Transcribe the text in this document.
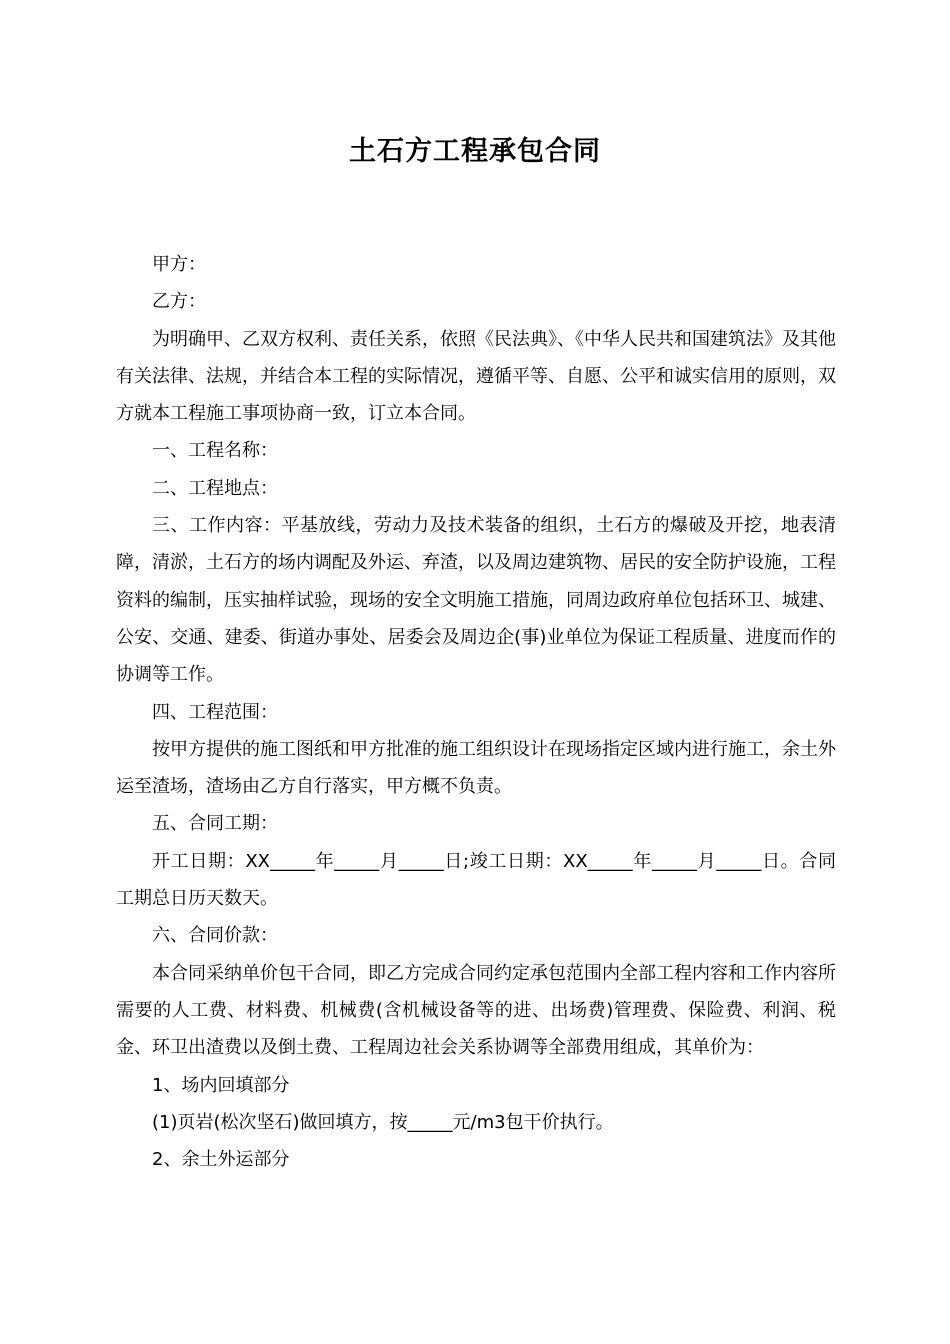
土石方工程承包合同

甲方：

乙方：

为明确甲、乙双方权利、责任关系，依照《民法典》、《中华人民共和国建筑法》及其他有关法律、法规，并结合本工程的实际情况，遵循平等、自愿、公平和诚实信用的原则，双方就本工程施工事项协商一致，订立本合同。

一、工程名称：

二、工程地点：

三、工作内容：平基放线，劳动力及技术装备的组织，土石方的爆破及开挖，地表清障，清淤，土石方的场内调配及外运、弃渣，以及周边建筑物、居民的安全防护设施，工程资料的编制，压实抽样试验，现场的安全文明施工措施，同周边政府单位包括环卫、城建、公安、交通、建委、街道办事处、居委会及周边企(事)业单位为保证工程质量、进度而作的协调等工作。

四、工程范围：

按甲方提供的施工图纸和甲方批准的施工组织设计在现场指定区域内进行施工，余土外运至渣场，渣场由乙方自行落实，甲方概不负责。

五、合同工期：

开工日期：XX_____年_____月_____日;竣工日期：XX_____年_____月_____日。合同工期总日历天数天。

六、合同价款：

本合同采纳单价包干合同，即乙方完成合同约定承包范围内全部工程内容和工作内容所需要的人工费、材料费、机械费(含机械设备等的进、出场费)管理费、保险费、利润、税金、环卫出渣费以及倒土费、工程周边社会关系协调等全部费用组成，其单价为：

1、场内回填部分

(1)页岩(松次坚石)做回填方，按_____元/m3包干价执行。

2、余土外运部分
